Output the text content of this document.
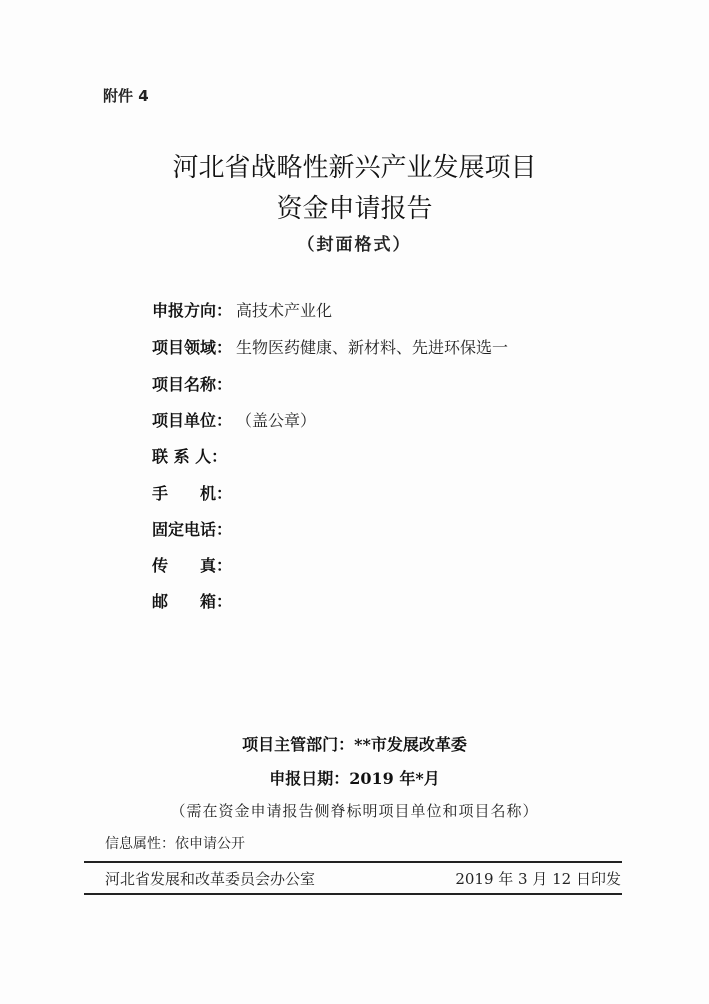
附件 4
河北省战略性新兴产业发展项目
资金申请报告
（封面格式）
申报方向： 高技术产业化
项目领域： 生物医药健康、新材料、先进环保选一
项目名称：
项目单位： （盖公章）
联 系 人：
手　　机：
固定电话：
传　　真：
邮　　箱：
项目主管部门：**市发展改革委
申报日期：2019 年*月
（需在资金申请报告侧脊标明项目单位和项目名称）
信息属性：依申请公开
河北省发展和改革委员会办公室	2019 年 3 月 12 日印发
